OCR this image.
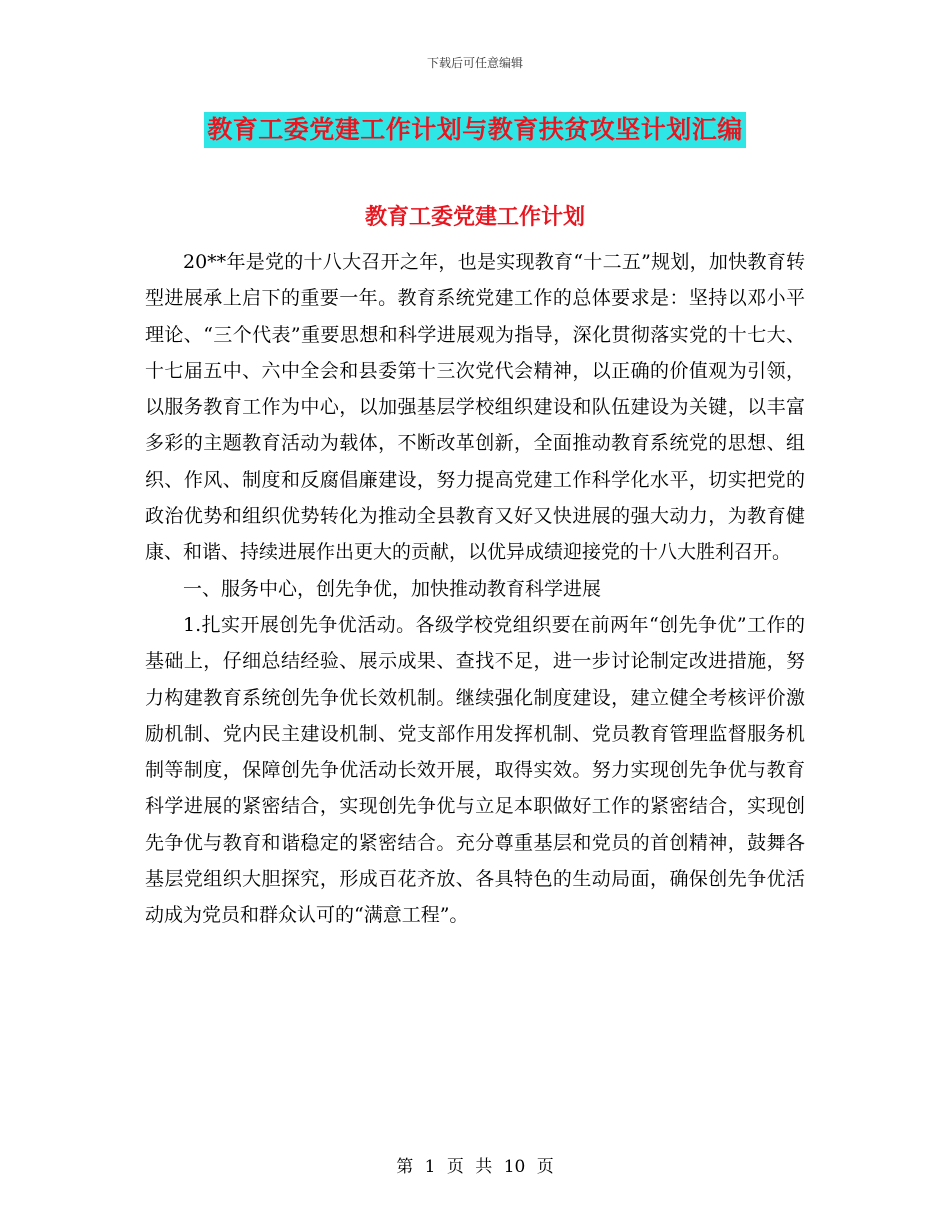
下载后可任意编辑
教育工委党建工作计划与教育扶贫攻坚计划汇编
教育工委党建工作计划

20**年是党的十八大召开之年，也是实现教育“十二五”规划，加快教育转型进展承上启下的重要一年。教育系统党建工作的总体要求是：坚持以邓小平理论、“三个代表”重要思想和科学进展观为指导，深化贯彻落实党的十七大、十七届五中、六中全会和县委第十三次党代会精神，以正确的价值观为引领，以服务教育工作为中心，以加强基层学校组织建设和队伍建设为关键，以丰富多彩的主题教育活动为载体，不断改革创新，全面推动教育系统党的思想、组织、作风、制度和反腐倡廉建设，努力提高党建工作科学化水平，切实把党的政治优势和组织优势转化为推动全县教育又好又快进展的强大动力，为教育健康、和谐、持续进展作出更大的贡献，以优异成绩迎接党的十八大胜利召开。

一、服务中心，创先争优，加快推动教育科学进展

1.扎实开展创先争优活动。各级学校党组织要在前两年“创先争优”工作的基础上，仔细总结经验、展示成果、查找不足，进一步讨论制定改进措施，努力构建教育系统创先争优长效机制。继续强化制度建设，建立健全考核评价激励机制、党内民主建设机制、党支部作用发挥机制、党员教育管理监督服务机制等制度，保障创先争优活动长效开展，取得实效。努力实现创先争优与教育科学进展的紧密结合，实现创先争优与立足本职做好工作的紧密结合，实现创先争优与教育和谐稳定的紧密结合。充分尊重基层和党员的首创精神，鼓舞各基层党组织大胆探究，形成百花齐放、各具特色的生动局面，确保创先争优活动成为党员和群众认可的“满意工程”。

第 1 页 共 10 页
